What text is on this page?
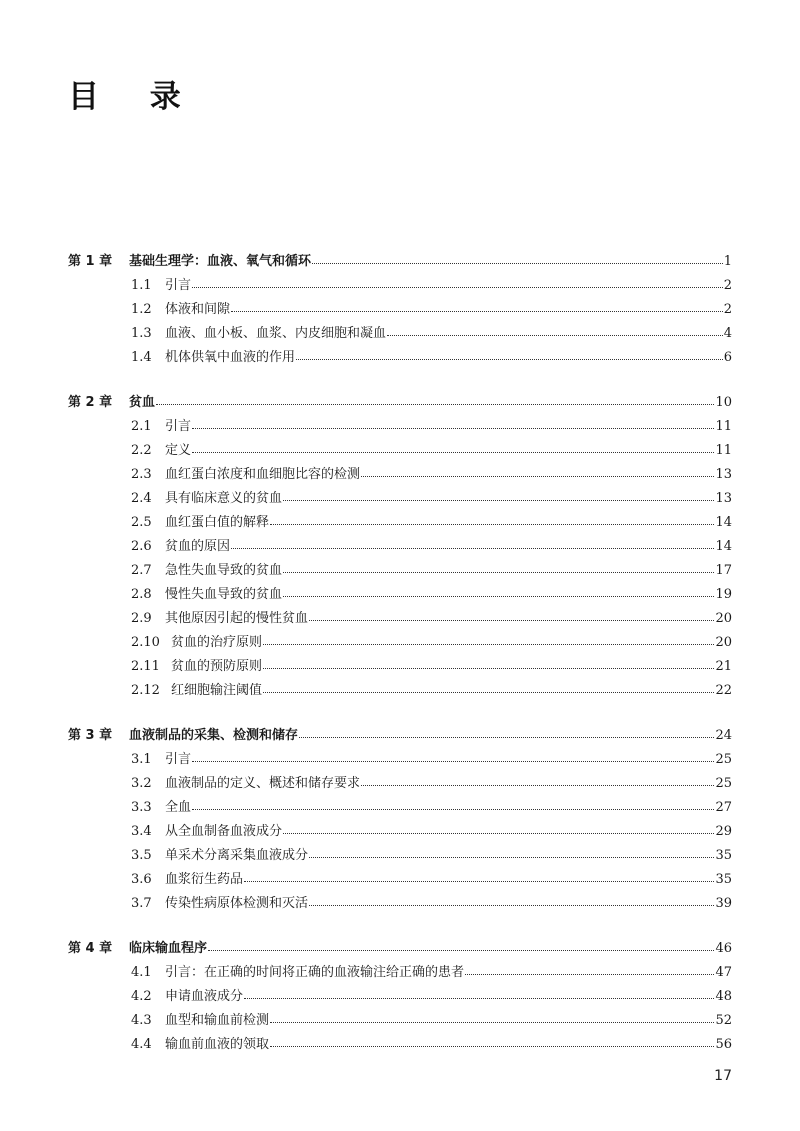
目 录
第 1 章	基础生理学：血液、氧气和循环	1
1.1	引言	2
1.2	体液和间隙	2
1.3	血液、血小板、血浆、内皮细胞和凝血	4
1.4	机体供氧中血液的作用	6
第 2 章	贫血	10
2.1	引言	11
2.2	定义	11
2.3	血红蛋白浓度和血细胞比容的检测	13
2.4	具有临床意义的贫血	13
2.5	血红蛋白值的解释	14
2.6	贫血的原因	14
2.7	急性失血导致的贫血	17
2.8	慢性失血导致的贫血	19
2.9	其他原因引起的慢性贫血	20
2.10 贫血的治疗原则	20
2.11 贫血的预防原则	21
2.12 红细胞输注阈值	22
第 3 章	血液制品的采集、检测和储存	24
3.1	引言	25
3.2	血液制品的定义、概述和储存要求	25
3.3	全血	27
3.4	从全血制备血液成分	29
3.5	单采术分离采集血液成分	35
3.6	血浆衍生药品	35
3.7	传染性病原体检测和灭活	39
第 4 章	临床输血程序	46
4.1	引言：在正确的时间将正确的血液输注给正确的患者	47
4.2	申请血液成分	48
4.3	血型和输血前检测	52
4.4	输血前血液的领取	56
17
